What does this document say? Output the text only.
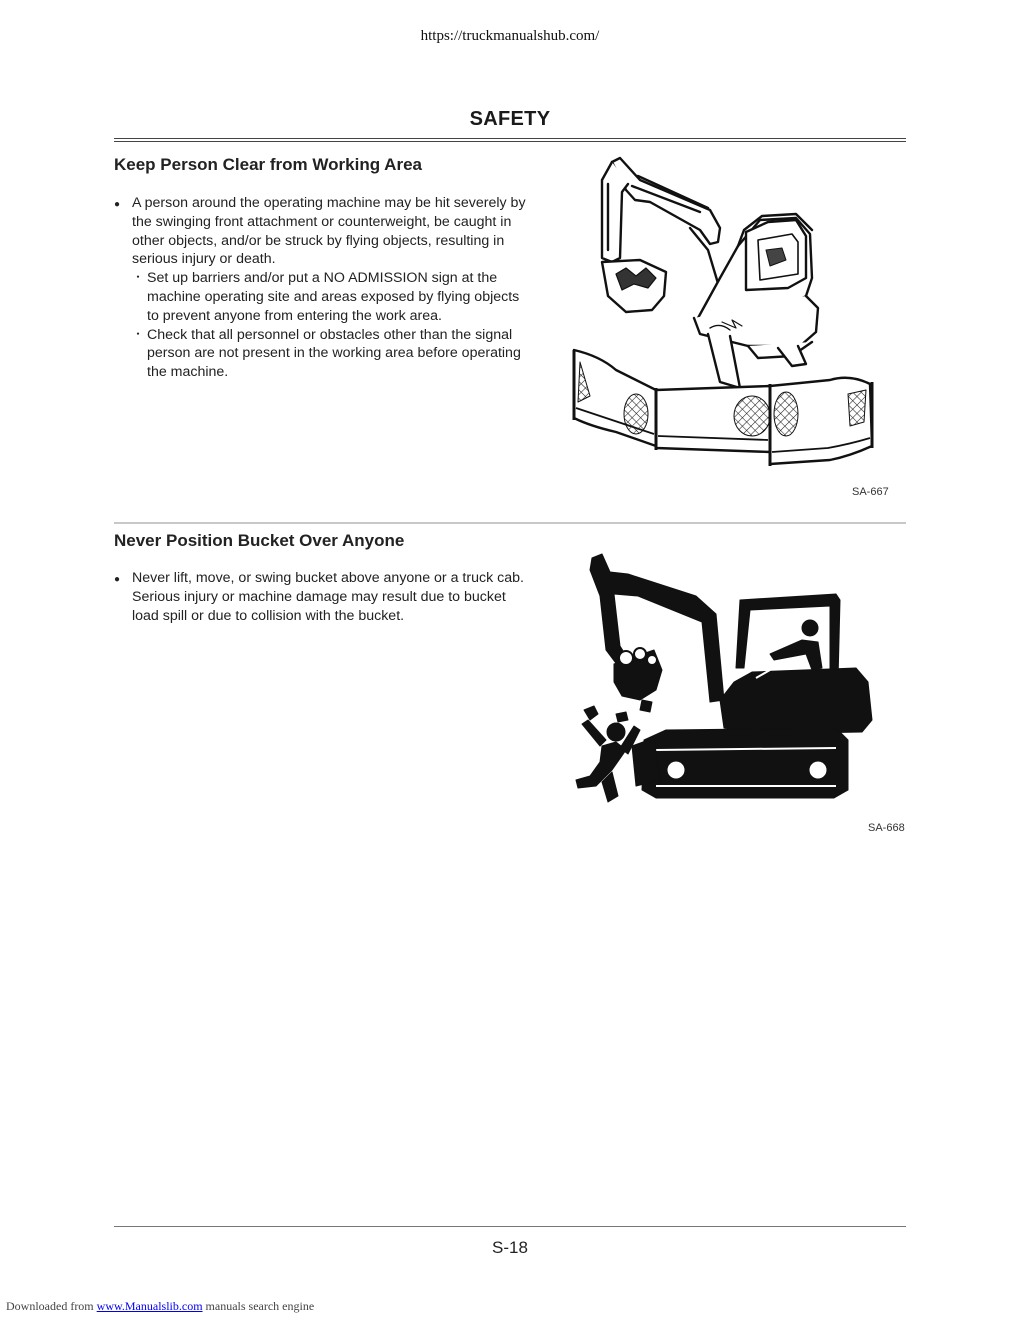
https://truckmanualshub.com/
SAFETY
Keep Person Clear from Working Area
● A person around the operating machine may be hit severely by the swinging front attachment or counterweight, be caught in other objects, and/or be struck by flying objects, resulting in serious injury or death.
・ Set up barriers and/or put a NO ADMISSION sign at the machine operating site and areas exposed by flying objects to prevent anyone from entering the work area.
・ Check that all personnel or obstacles other than the signal person are not present in the working area before operating the machine.
SA-667
Never Position Bucket Over Anyone
● Never lift, move, or swing bucket above anyone or a truck cab.
Serious injury or machine damage may result due to bucket load spill or due to collision with the bucket.
SA-668
S-18
Downloaded from www.Manualslib.com manuals search engine
